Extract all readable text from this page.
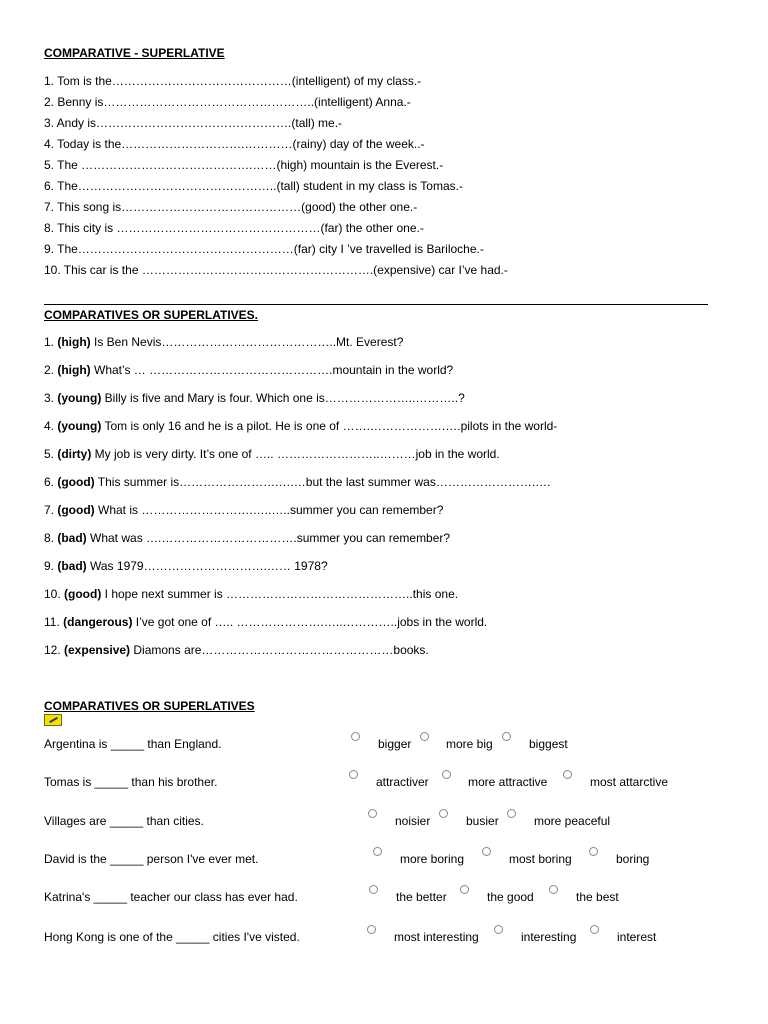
COMPARATIVE - SUPERLATIVE
1. Tom is the………………………………………(intelligent) of my class.-
2. Benny is……………………………………………..(intelligent) Anna.-
3. Andy is………………………………………….(tall) me.-
4. Today is the………………………….…………(rainy) day of the week..-
5. The …………………………………….……(high) mountain is the Everest.-
6. The…………………………………………..(tall) student in my class is Tomas.-
7. This song is………………………………………(good) the other one.-
8. This city is ……………………………………………(far) the other one.-
9. The………………………………………………(far) city I ’ve travelled is Bariloche.-
10. This car is the ………………………………………………….(expensive) car I’ve had.-
COMPARATIVES OR SUPERLATIVES.
1. (high) Is Ben Nevis……………………………………..Mt. Everest?
2. (high) What’s … ……………………………………….mountain in the world?
3. (young) Billy is five and Mary is four. Which one is…………………..………..?
4. (young) Tom is only 16 and he is a pilot. He is one of …….……………….….pilots in the world-
5. (dirty) My job is very dirty. It’s one of ….. ……………………..………job in the world.
6. (good) This summer is…………………….….…but the last summer was…………………….….
7. (good) What is ……………………….…..…..summer you can remember?
8. (bad) What was ….…………………………….summer you can remember?
9. (bad) Was 1979………………………….…… 1978?
10. (good) I hope next summer is ………………………………………..this one.
11. (dangerous) I’ve got one of ….. ………………….…..…………..jobs in the world.
12. (expensive) Diamons are…………………………………………books.
COMPARATIVES OR SUPERLATIVES
Argentina is _____ than England.	bigger	more big	biggest
Tomas is _____ than his brother.	attractiver	more attractive	most attarctive
Villages are _____ than cities.	noisier	busier	more peaceful
David is the _____ person I've ever met.	more boring	most boring	boring
Katrina's _____ teacher our class has ever had.	the better	the good	the best
Hong Kong is one of the _____ cities I've visted.	most interesting	interesting	interest
